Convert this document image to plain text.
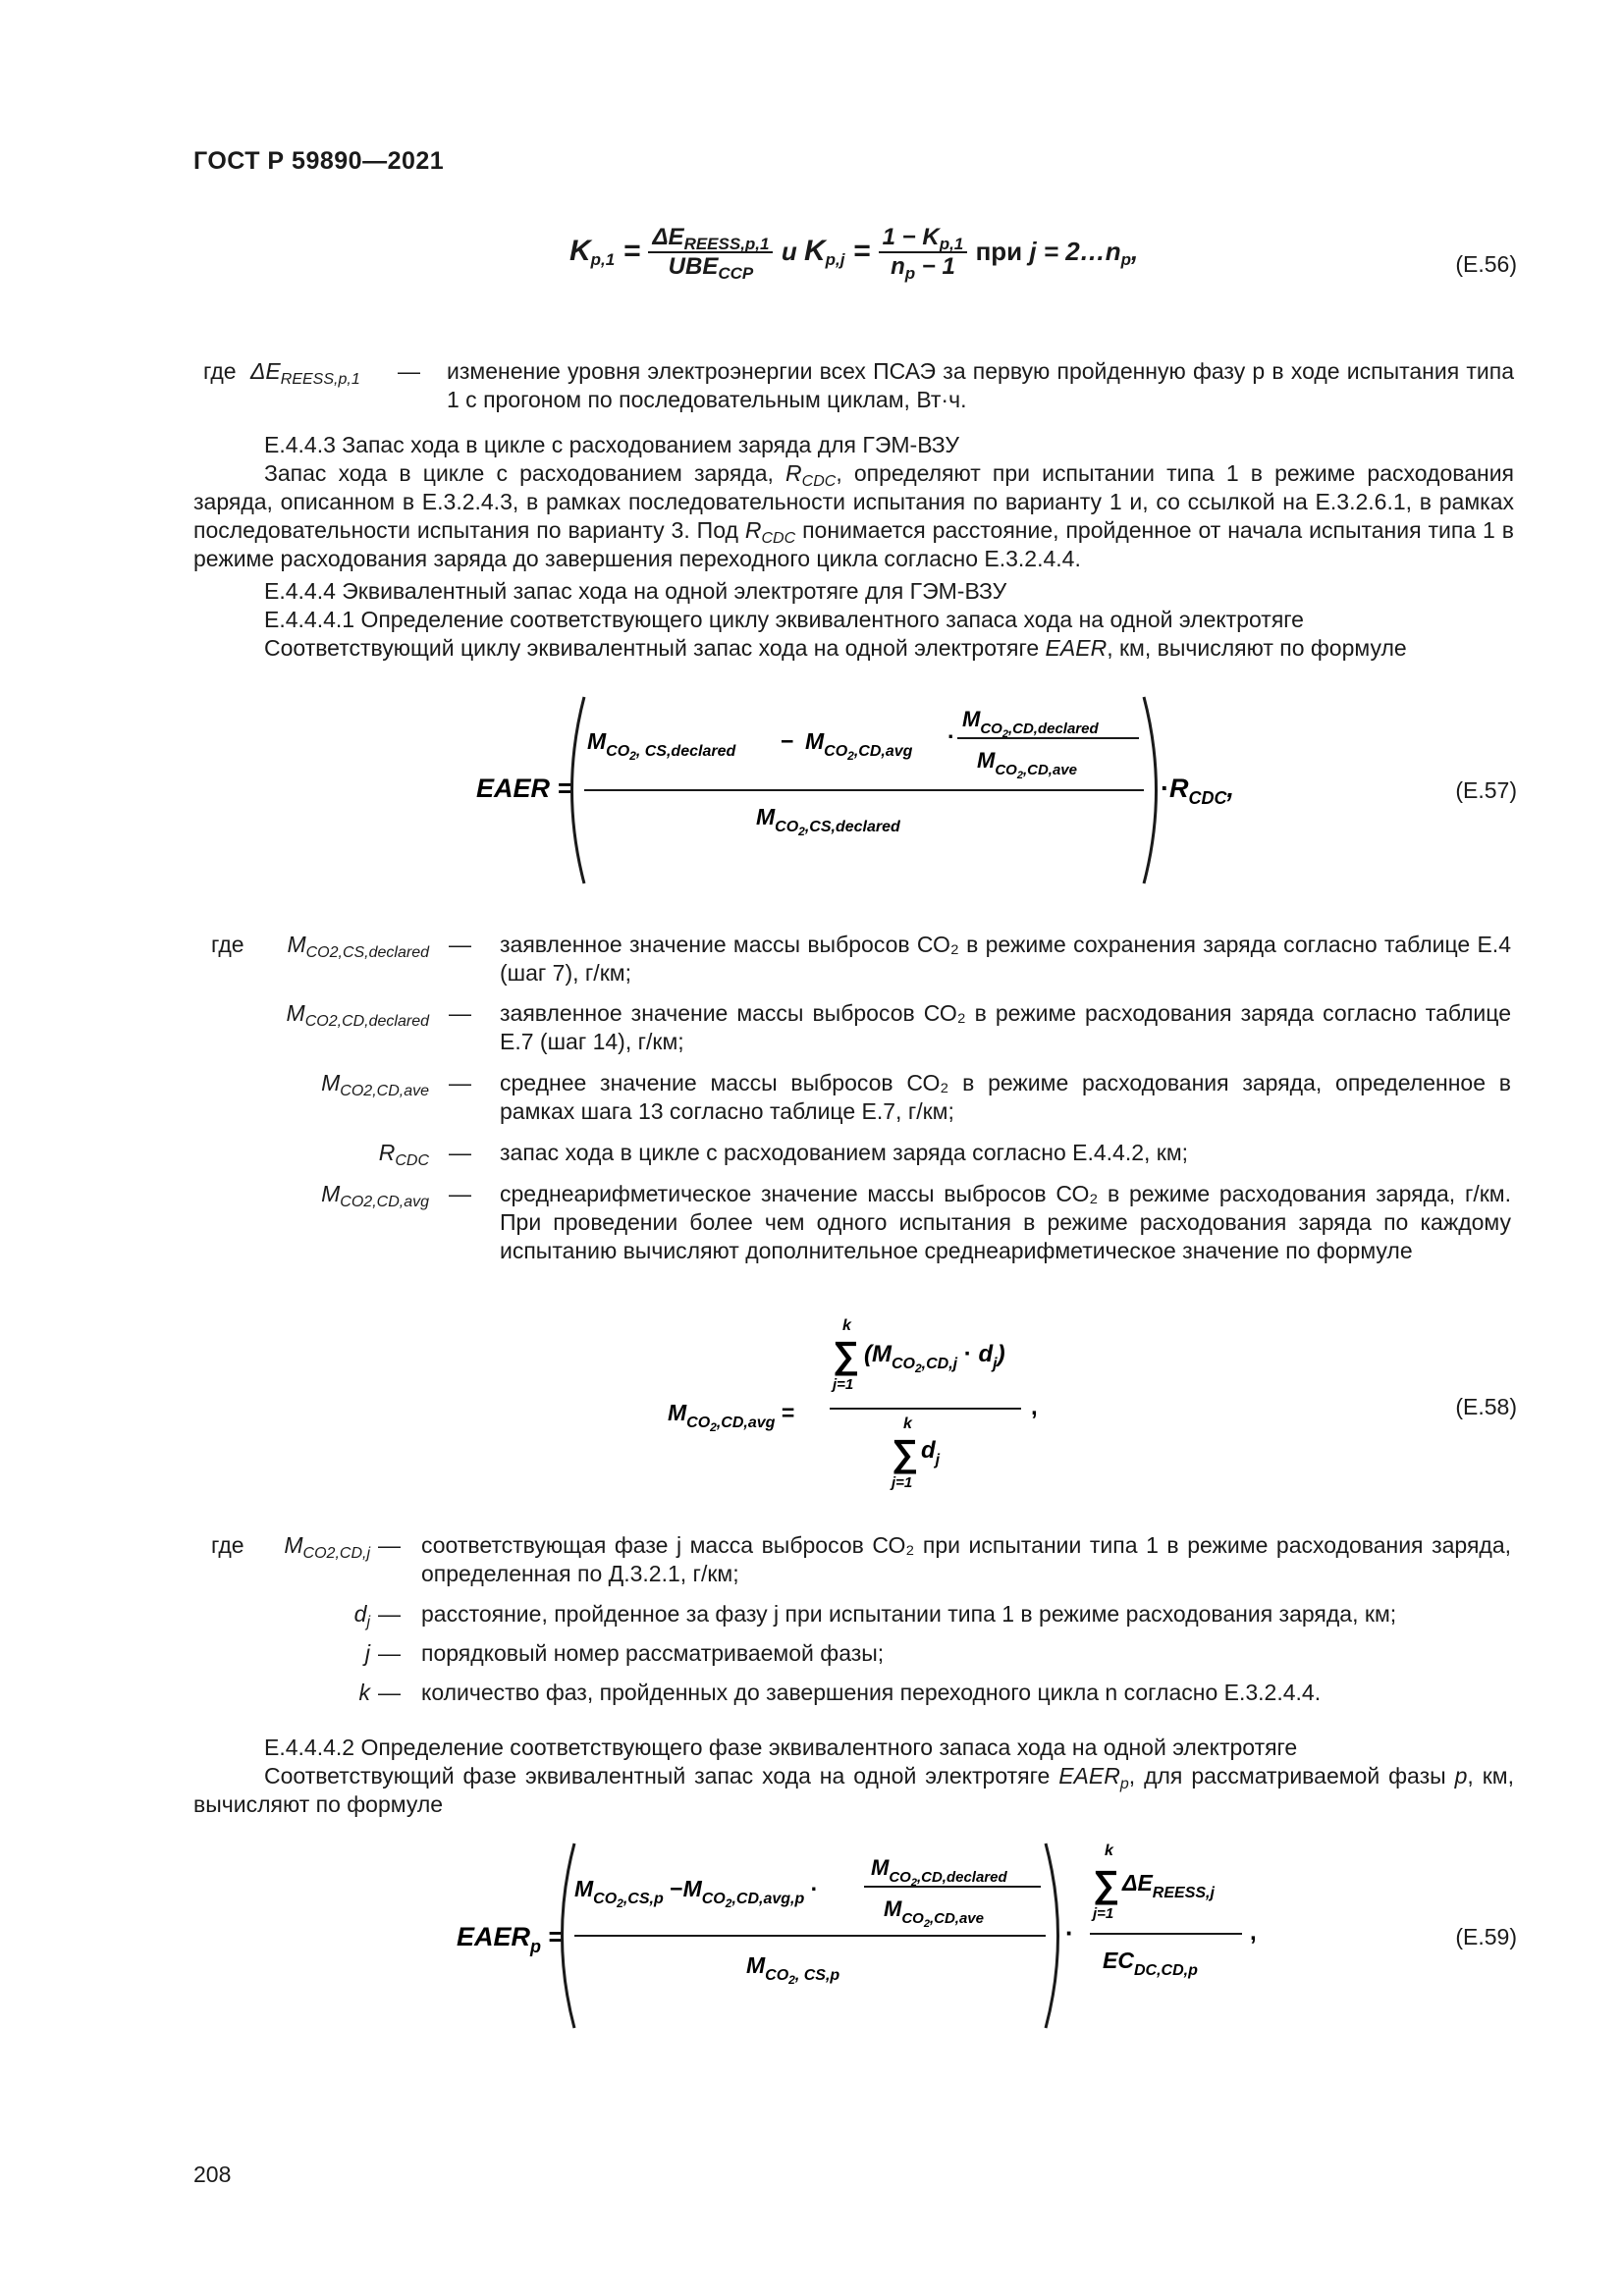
ГОСТ Р 59890—2021
$K_{p,1} = \frac{\Delta E_{REESS,p,1}}{UBE_{CCP}}$ и $K_{p,j} = \frac{1 - K_{p,1}}{n_p - 1}$ при $j = 2\dots n_p$,	(E.56)
где $\Delta E_{REESS,p,1}$ — изменение уровня электроэнергии всех ПСАЭ за первую пройденную фазу p в ходе испытания типа 1 с прогоном по последовательным циклам, Вт·ч.
Е.4.4.3 Запас хода в цикле с расходованием заряда для ГЭМ-ВЗУ
Запас хода в цикле с расходованием заряда, $R_{CDC}$, определяют при испытании типа 1 в режиме расходования заряда, описанном в Е.3.2.4.3, в рамках последовательности испытания по варианту 1 и, со ссылкой на Е.3.2.6.1, в рамках последовательности испытания по варианту 3. Под $R_{CDC}$ понимается расстояние, пройденное от начала испытания типа 1 в режиме расходования заряда до завершения переходного цикла согласно Е.3.2.4.4.
Е.4.4.4 Эквивалентный запас хода на одной электротяге для ГЭМ-ВЗУ
Е.4.4.4.1 Определение соответствующего циклу эквивалентного запаса хода на одной электротяге
Соответствующий циклу эквивалентный запас хода на одной электротяге EAER, км, вычисляют по формуле
EAER =
$M_{CO}2$, CS,declared − $M_{CO}2,CD,avg$
·
$M_{CO}2,CD,declared$
$M_{CO}2,CD,ave$
$M_{CO}2,CS,declared$
$\cdot R_{CDC}$,	(E.57)
где	$M_{CO2,CS,declared}$ — заявленное значение массы выбросов СО₂ в режиме сохранения заряда согласно таблице Е.4 (шаг 7), г/км;
$M_{CO2,CD,declared}$ — заявленное значение массы выбросов СО₂ в режиме расходования заряда согласно таблице Е.7 (шаг 14), г/км;
$M_{CO2,CD,ave}$ — среднее значение массы выбросов СО₂ в режиме расходования заряда, определенное в рамках шага 13 согласно таблице Е.7, г/км;
$R_{CDC}$ — запас хода в цикле с расходованием заряда согласно Е.4.4.2, км;
$M_{CO2,CD,avg}$ — среднеарифметическое значение массы выбросов СО₂ в режиме расходования заряда, г/км. При проведении более чем одного испытания в режиме расходования заряда по каждому испытанию вычисляют дополнительное среднеарифметическое значение по формуле
$M_{CO}2,CD,avg$ =
k
∑ $(M_{CO}2,CD,j \cdot d_j)$
j=1
,
k
∑ $d_j$
j=1
(E.58)
где	$M_{CO2,CD,j}$ — соответствующая фазе j масса выбросов СО₂ при испытании типа 1 в режиме расходования заряда, определенная по Д.3.2.1, г/км;
$d_j$ — расстояние, пройденное за фазу j при испытании типа 1 в режиме расходования заряда, км;
j — порядковый номер рассматриваемой фазы;
k — количество фаз, пройденных до завершения переходного цикла n согласно Е.3.2.4.4.
Е.4.4.4.2 Определение соответствующего фазе эквивалентного запаса хода на одной электротяге
Соответствующий фазе эквивалентный запас хода на одной электротяге $EAER_p$, для рассматриваемой фазы p, км, вычисляют по формуле
$EAER_p$ =
$M_{CO}2,CS,p -M_{CO}2,CD,avg,p$ ·
$M_{CO}2,CD,declared$
$M_{CO}2,CD,ave$
$M_{CO}2$, CS,p
·
k
∑ $\Delta E_{REESS,j}$
j=1
$EC_{DC,CD,p}$
,	(E.59)
208
